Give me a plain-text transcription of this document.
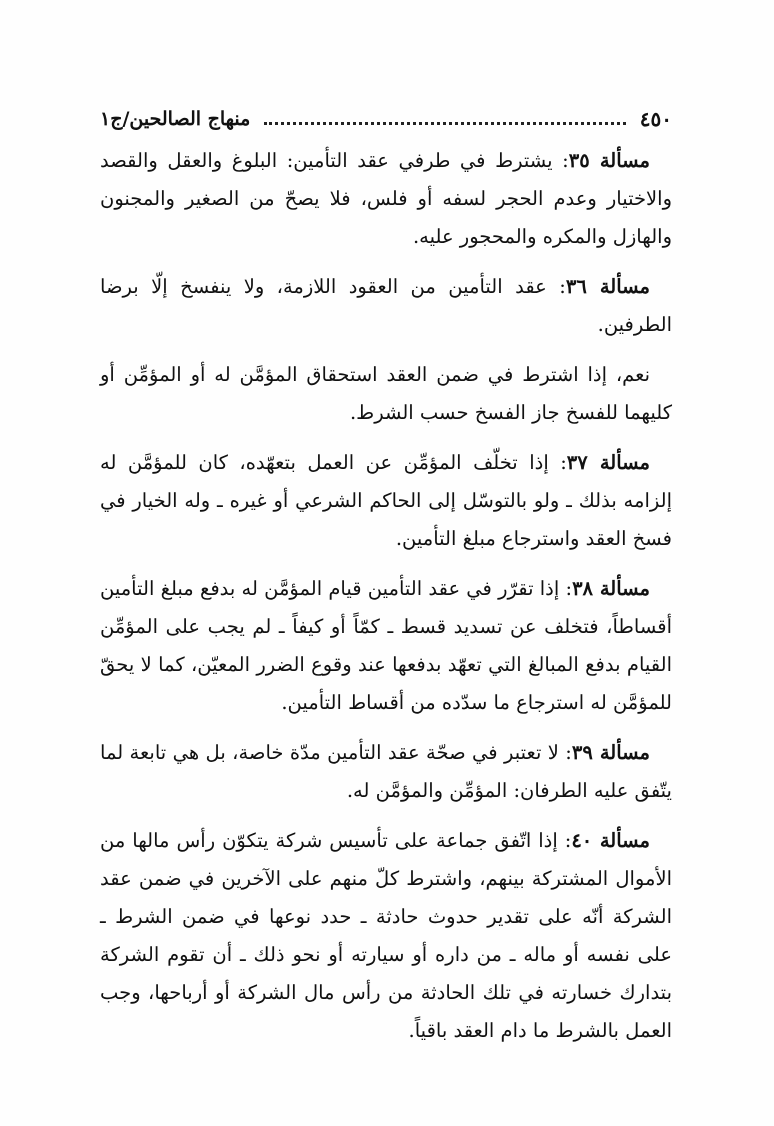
٤٥٠
منهاج الصالحين/ج١

مسألة ٣٥: يشترط في طرفي عقد التأمين: البلوغ والعقل والقصد والاختيار وعدم الحجر لسفه أو فلس، فلا يصحّ من الصغير والمجنون والهازل والمكره والمحجور عليه.

مسألة ٣٦: عقد التأمين من العقود اللازمة، ولا ينفسخ إلّا برضا الطرفين.

نعم، إذا اشترط في ضمن العقد استحقاق المؤمَّن له أو المؤمِّن أو كليهما للفسخ جاز الفسخ حسب الشرط.

مسألة ٣٧: إذا تخلّف المؤمِّن عن العمل بتعهّده، كان للمؤمَّن له إلزامه بذلك ـ ولو بالتوسّل إلى الحاكم الشرعي أو غيره ـ وله الخيار في فسخ العقد واسترجاع مبلغ التأمين.

مسألة ٣٨: إذا تقرّر في عقد التأمين قيام المؤمَّن له بدفع مبلغ التأمين أقساطاً، فتخلف عن تسديد قسط ـ كمّاً أو كيفاً ـ لم يجب على المؤمِّن القيام بدفع المبالغ التي تعهّد بدفعها عند وقوع الضرر المعيّن، كما لا يحقّ للمؤمَّن له استرجاع ما سدّده من أقساط التأمين.

مسألة ٣٩: لا تعتبر في صحّة عقد التأمين مدّة خاصة، بل هي تابعة لما يتّفق عليه الطرفان: المؤمِّن والمؤمَّن له.

مسألة ٤٠: إذا اتّفق جماعة على تأسيس شركة يتكوّن رأس مالها من الأموال المشتركة بينهم، واشترط كلّ منهم على الآخرين في ضمن عقد الشركة أنّه على تقدير حدوث حادثة ـ حدد نوعها في ضمن الشرط ـ على نفسه أو ماله ـ من داره أو سيارته أو نحو ذلك ـ أن تقوم الشركة بتدارك خسارته في تلك الحادثة من رأس مال الشركة أو أرباحها، وجب العمل بالشرط ما دام العقد باقياً.
